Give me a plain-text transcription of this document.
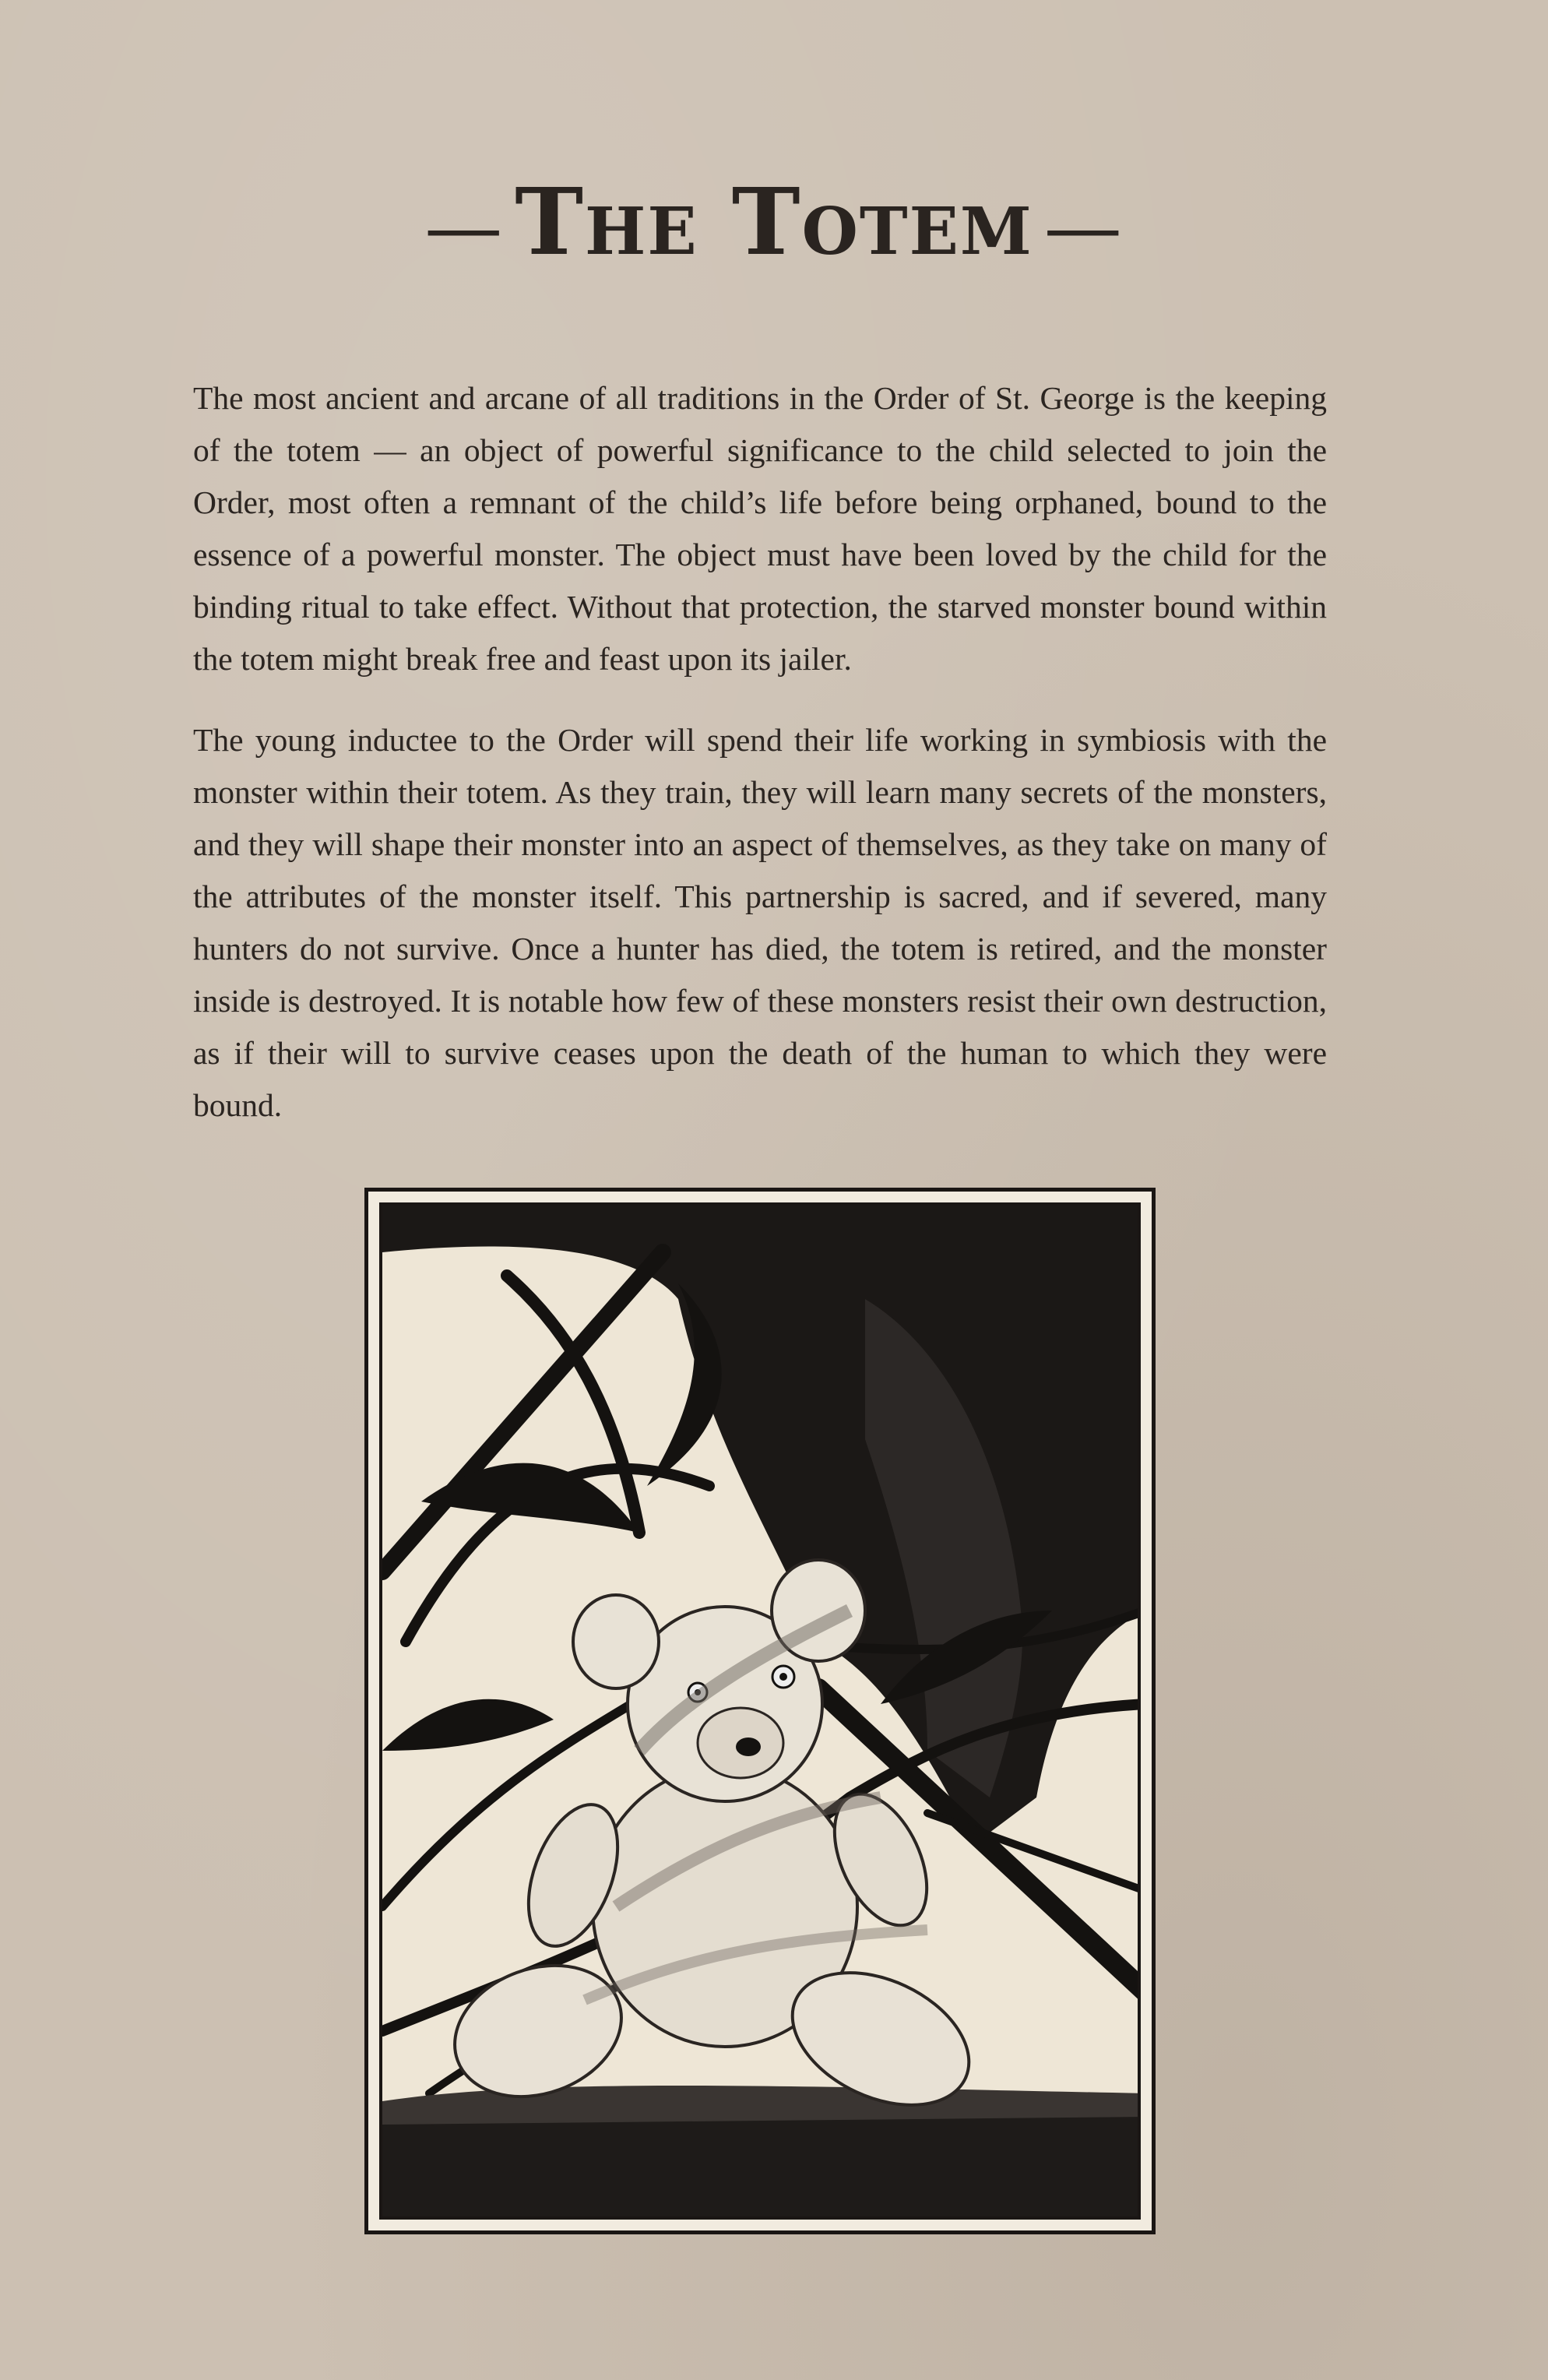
— The Totem —

The most ancient and arcane of all traditions in the Order of St. George is the keeping of the totem — an object of powerful significance to the child selected to join the Order, most often a remnant of the child’s life before being orphaned, bound to the essence of a powerful monster. The object must have been loved by the child for the binding ritual to take effect. Without that protection, the starved monster bound within the totem might break free and feast upon its jailer.

The young inductee to the Order will spend their life working in symbiosis with the monster within their totem. As they train, they will learn many secrets of the monsters, and they will shape their monster into an aspect of themselves, as they take on many of the attributes of the monster itself. This partnership is sacred, and if severed, many hunters do not survive. Once a hunter has died, the totem is retired, and the monster inside is destroyed. It is notable how few of these monsters resist their own destruction, as if their will to survive ceases upon the death of the human to which they were bound.
